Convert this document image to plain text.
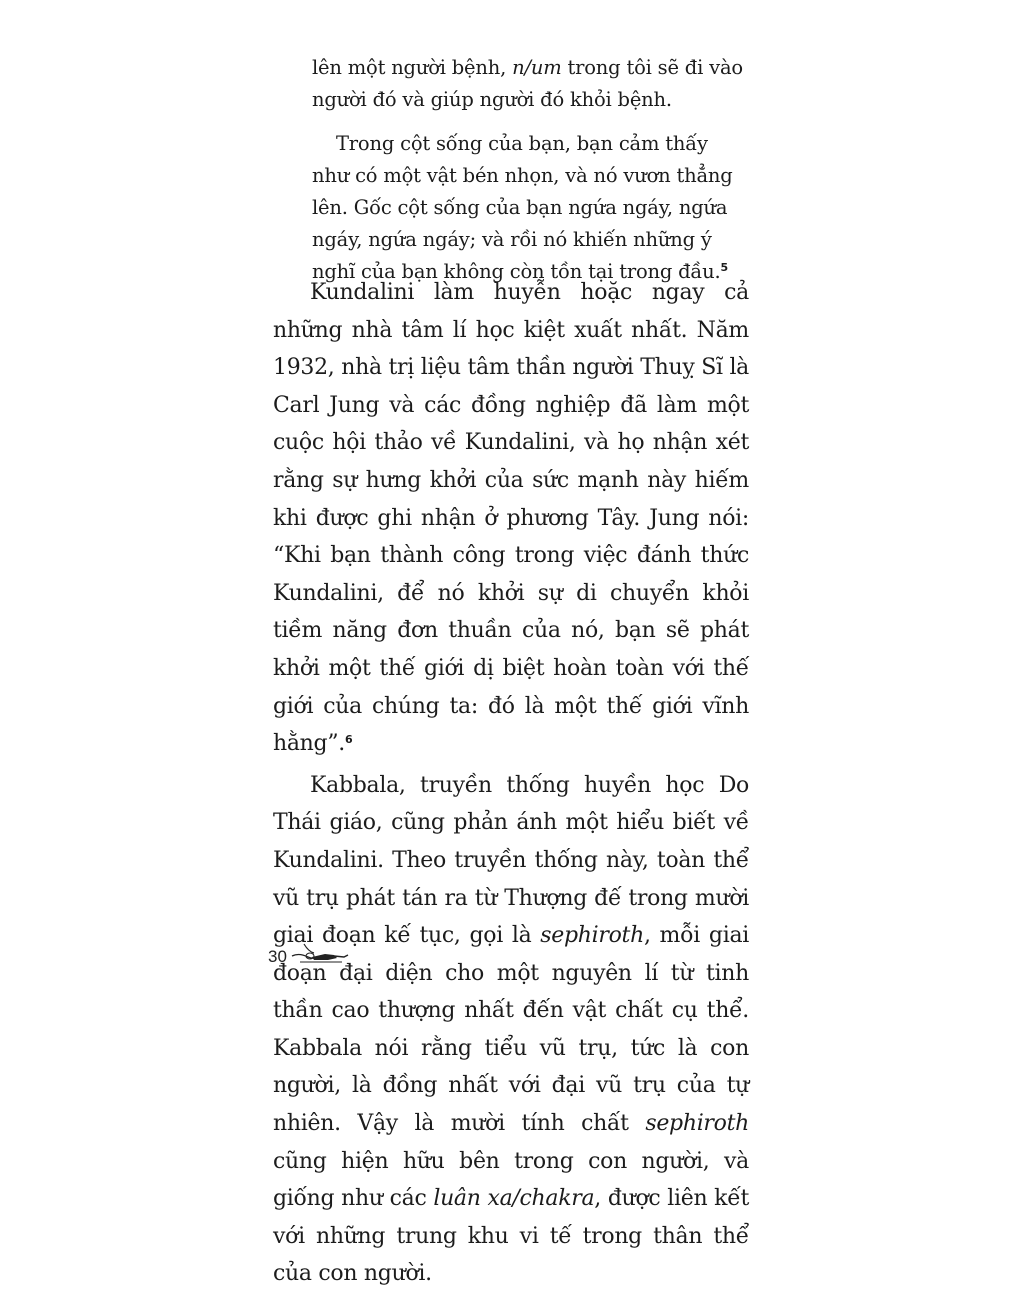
lên một người bệnh, n/um trong tôi sẽ đi vào người đó và giúp người đó khỏi bệnh.

Trong cột sống của bạn, bạn cảm thấy như có một vật bén nhọn, và nó vươn thẳng lên. Gốc cột sống của bạn ngứa ngáy, ngứa ngáy, ngứa ngáy; và rồi nó khiến những ý nghĩ của bạn không còn tồn tại trong đầu.$^5$

Kundalini làm huyễn hoặc ngay cả những nhà tâm lí học kiệt xuất nhất. Năm 1932, nhà trị liệu tâm thần người Thuỵ Sĩ là Carl Jung và các đồng nghiệp đã làm một cuộc hội thảo về Kundalini, và họ nhận xét rằng sự hưng khởi của sức mạnh này hiếm khi được ghi nhận ở phương Tây. Jung nói: “Khi bạn thành công trong việc đánh thức Kundalini, để nó khởi sự di chuyển khỏi tiềm năng đơn thuần của nó, bạn sẽ phát khởi một thế giới dị biệt hoàn toàn với thế giới của chúng ta: đó là một thế giới vĩnh hằng”.$^6$

Kabbala, truyền thống huyền học Do Thái giáo, cũng phản ánh một hiểu biết về Kundalini. Theo truyền thống này, toàn thể vũ trụ phát tán ra từ Thượng đế trong mười giai đoạn kế tục, gọi là sephiroth, mỗi giai đoạn đại diện cho một nguyên lí từ tinh thần cao thượng nhất đến vật chất cụ thể. Kabbala nói rằng tiểu vũ trụ, tức là con người, là đồng nhất với đại vũ trụ của tự nhiên. Vậy là mười tính chất sephiroth cũng hiện hữu bên trong con người, và giống như các luân xa/chakra, được liên kết với những trung khu vi tế trong thân thể của con người.

30
